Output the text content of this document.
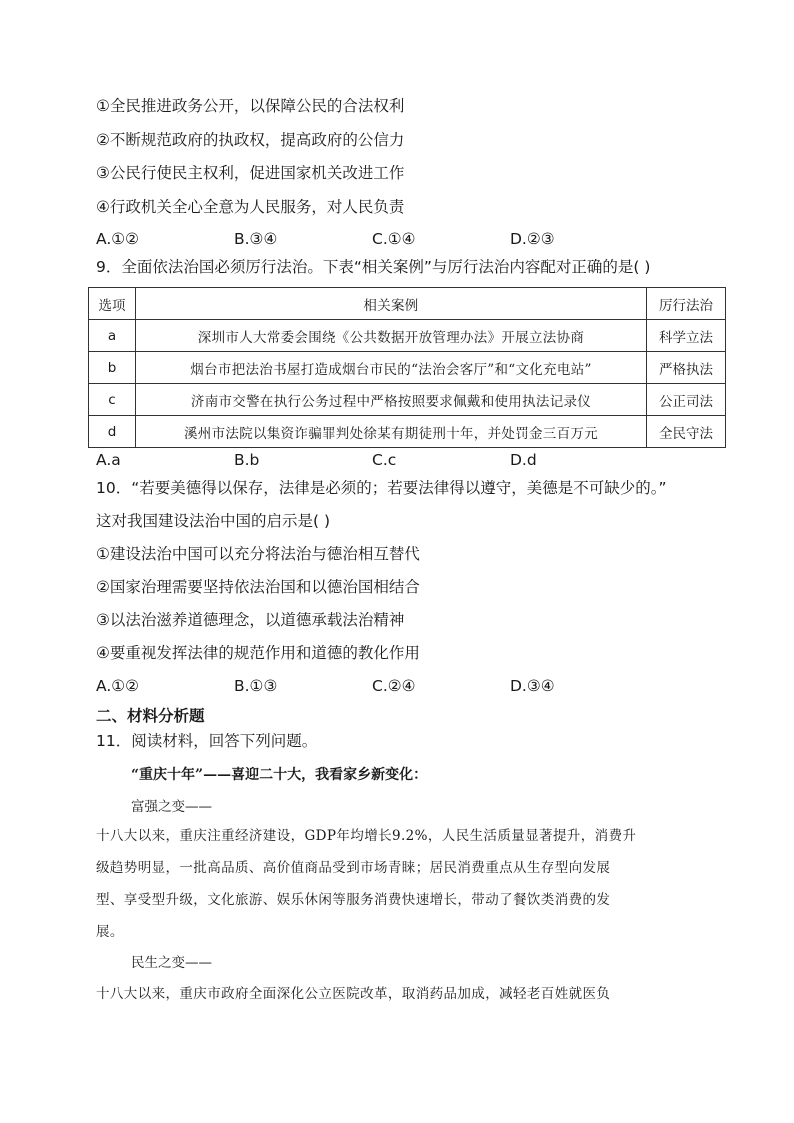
①全民推进政务公开，以保障公民的合法权利
②不断规范政府的执政权，提高政府的公信力
③公民行使民主权利，促进国家机关改进工作
④行政机关全心全意为人民服务，对人民负责
A.①②	B.③④	C.①④	D.②③
9．全面依法治国必须厉行法治。下表“相关案例”与厉行法治内容配对正确的是( )
选项	相关案例	厉行法治
a	深圳市人大常委会围绕《公共数据开放管理办法》开展立法协商	科学立法
b	烟台市把法治书屋打造成烟台市民的“法治会客厅”和“文化充电站”	严格执法
c	济南市交警在执行公务过程中严格按照要求佩戴和使用执法记录仪	公正司法
d	溪州市法院以集资诈骗罪判处徐某有期徒刑十年，并处罚金三百万元	全民守法
A.a	B.b	C.c	D.d
10．“若要美德得以保存，法律是必须的；若要法律得以遵守，美德是不可缺少的。”
这对我国建设法治中国的启示是( )
①建设法治中国可以充分将法治与德治相互替代
②国家治理需要坚持依法治国和以德治国相结合
③以法治滋养道德理念，以道德承载法治精神
④要重视发挥法律的规范作用和道德的教化作用
A.①②	B.①③	C.②④	D.③④
二、材料分析题
11．阅读材料，回答下列问题。
“重庆十年”——喜迎二十大，我看家乡新变化：
富强之变——
十八大以来，重庆注重经济建设，GDP年均增长9.2%，人民生活质量显著提升，消费升
级趋势明显，一批高品质、高价值商品受到市场青睐；居民消费重点从生存型向发展
型、享受型升级，文化旅游、娱乐休闲等服务消费快速增长，带动了餐饮类消费的发
展。
民生之变——
十八大以来，重庆市政府全面深化公立医院改革，取消药品加成，减轻老百姓就医负
